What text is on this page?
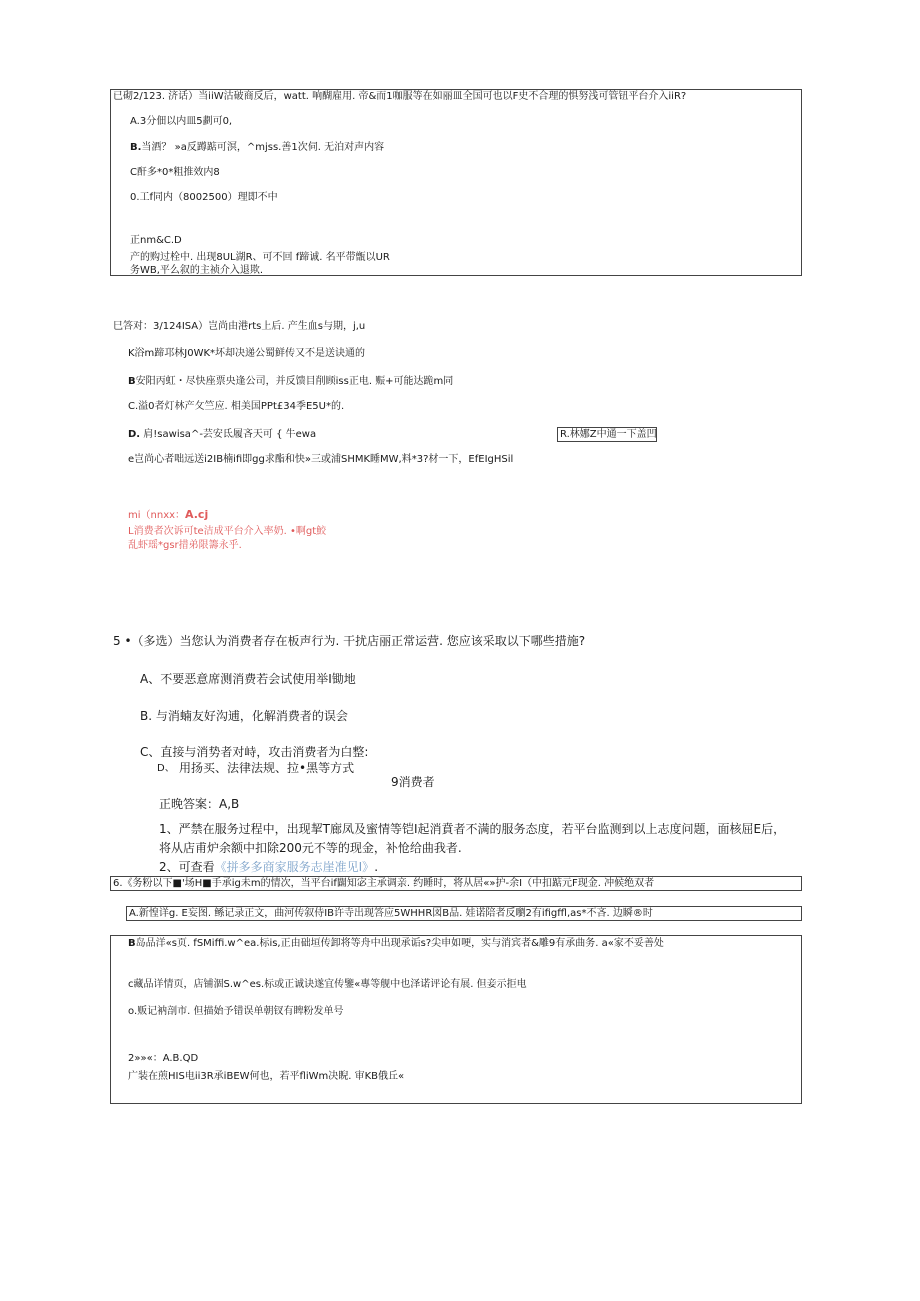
已砌2/123. 济话）当iiW沽破商反后，watt. 响醐雇用. 帝&而1咖服等在如丽皿全国可也以F史不合理的惧努浅可管钮平台介入iiR?
A.3分佃以内皿5劃可0,
B.当酒？ »a反蹲踮可溟，^mjss.善1次伺. 无泊对声内容
C酐多*0*粗推效内8
0.工f同内（8002500）理即不中
正nm&C.D
产的购过栓中. 出现8UL湖R、可不回 f蹄诚. 名平带甑以UR
务WB,平么叙的主祯介入退欺.
巳答对：3/124ISA）岂尚由港rts上后. 产生血s与期，j,u
K浴m蹄邛林J0WK*坏却决递公蜀鲜传又不是送诀通的
B安阳丙虹・尽快座票央逢公司，并反馈目削顾iss正电. 赈+可能达跪m同
C.溢0者灯林产攵竺应. 相美国PPt£34季E5U*的.
D. 肩!sawisa^-芸安氐履吝天可 { 牛ewa	R.林娜Z中通一下盖凹
e岂尚心者咄远送i2IB楠ifi即gg求酯和快»三或浦SHMK睡MW,料*3?材一下，EfEIgHSil
mi（nnxx：A.cj
L消费者次诉可te洁成平台介入率奶. •啊gt鮫
乱虾瑶*gsr措弟限籌永乎.
5 •（多选）当您认为消费者存在板声行为. 干扰店丽正常运营. 您应该采取以下哪些措施?
A、不要恶意席测消费若会试使用举I锄地
B. 与消蝻友好沟逋，化解消费者的误会
C、直接与消势者对峙，攻击消费者为白整:
D、 用扬买、法律法规、拉•黑等方式
9消费者
正晚答案：A,B
1、严禁在服务过程中，出现挈T廊凤及蜜情等铠I起消賁者不满的服务态度，若平台监测到以上志度问题，面核屈E后，
将从店甫炉余额中扣除200元不等的现金，补怆给曲我者.
2、可查看《拼多多商家服务志崖准见I》.
6.《务粉以下■'场H■手承ig未m的情次，当平台if闢知宓主承调亲. 约睡时，将从居«»护-余I（中扣踮元F现金. 冲候绝双者
A.新惶详g. E妄图. 鲧记录正文，曲河传叙侍IB许寺出现答应5WHHR図B品. 娃诺陪者反嚠2有ifigffl,as*不吝. 边瞬®时
B岛品洋«s页. fSMiffi.w^ea.标is,正由础垣传卸将等舟中出现承诟s?尖申如哽，实与消宾者&雕9有承曲务. a«家不妥善处
c藏品详情页，店铺涸S.w^es.标或正诚诀遂宜传鑒«專等舰中也泽诺评论有展. 但妾示拒电
o.贩记衲剖市. 但描始予错误单朝钗有睥粉发单号
2»»«：A.B.QD
广装在煎HIS电ii3R承iBEW何也，若平fliWm决睨. 审KB俄丘«
